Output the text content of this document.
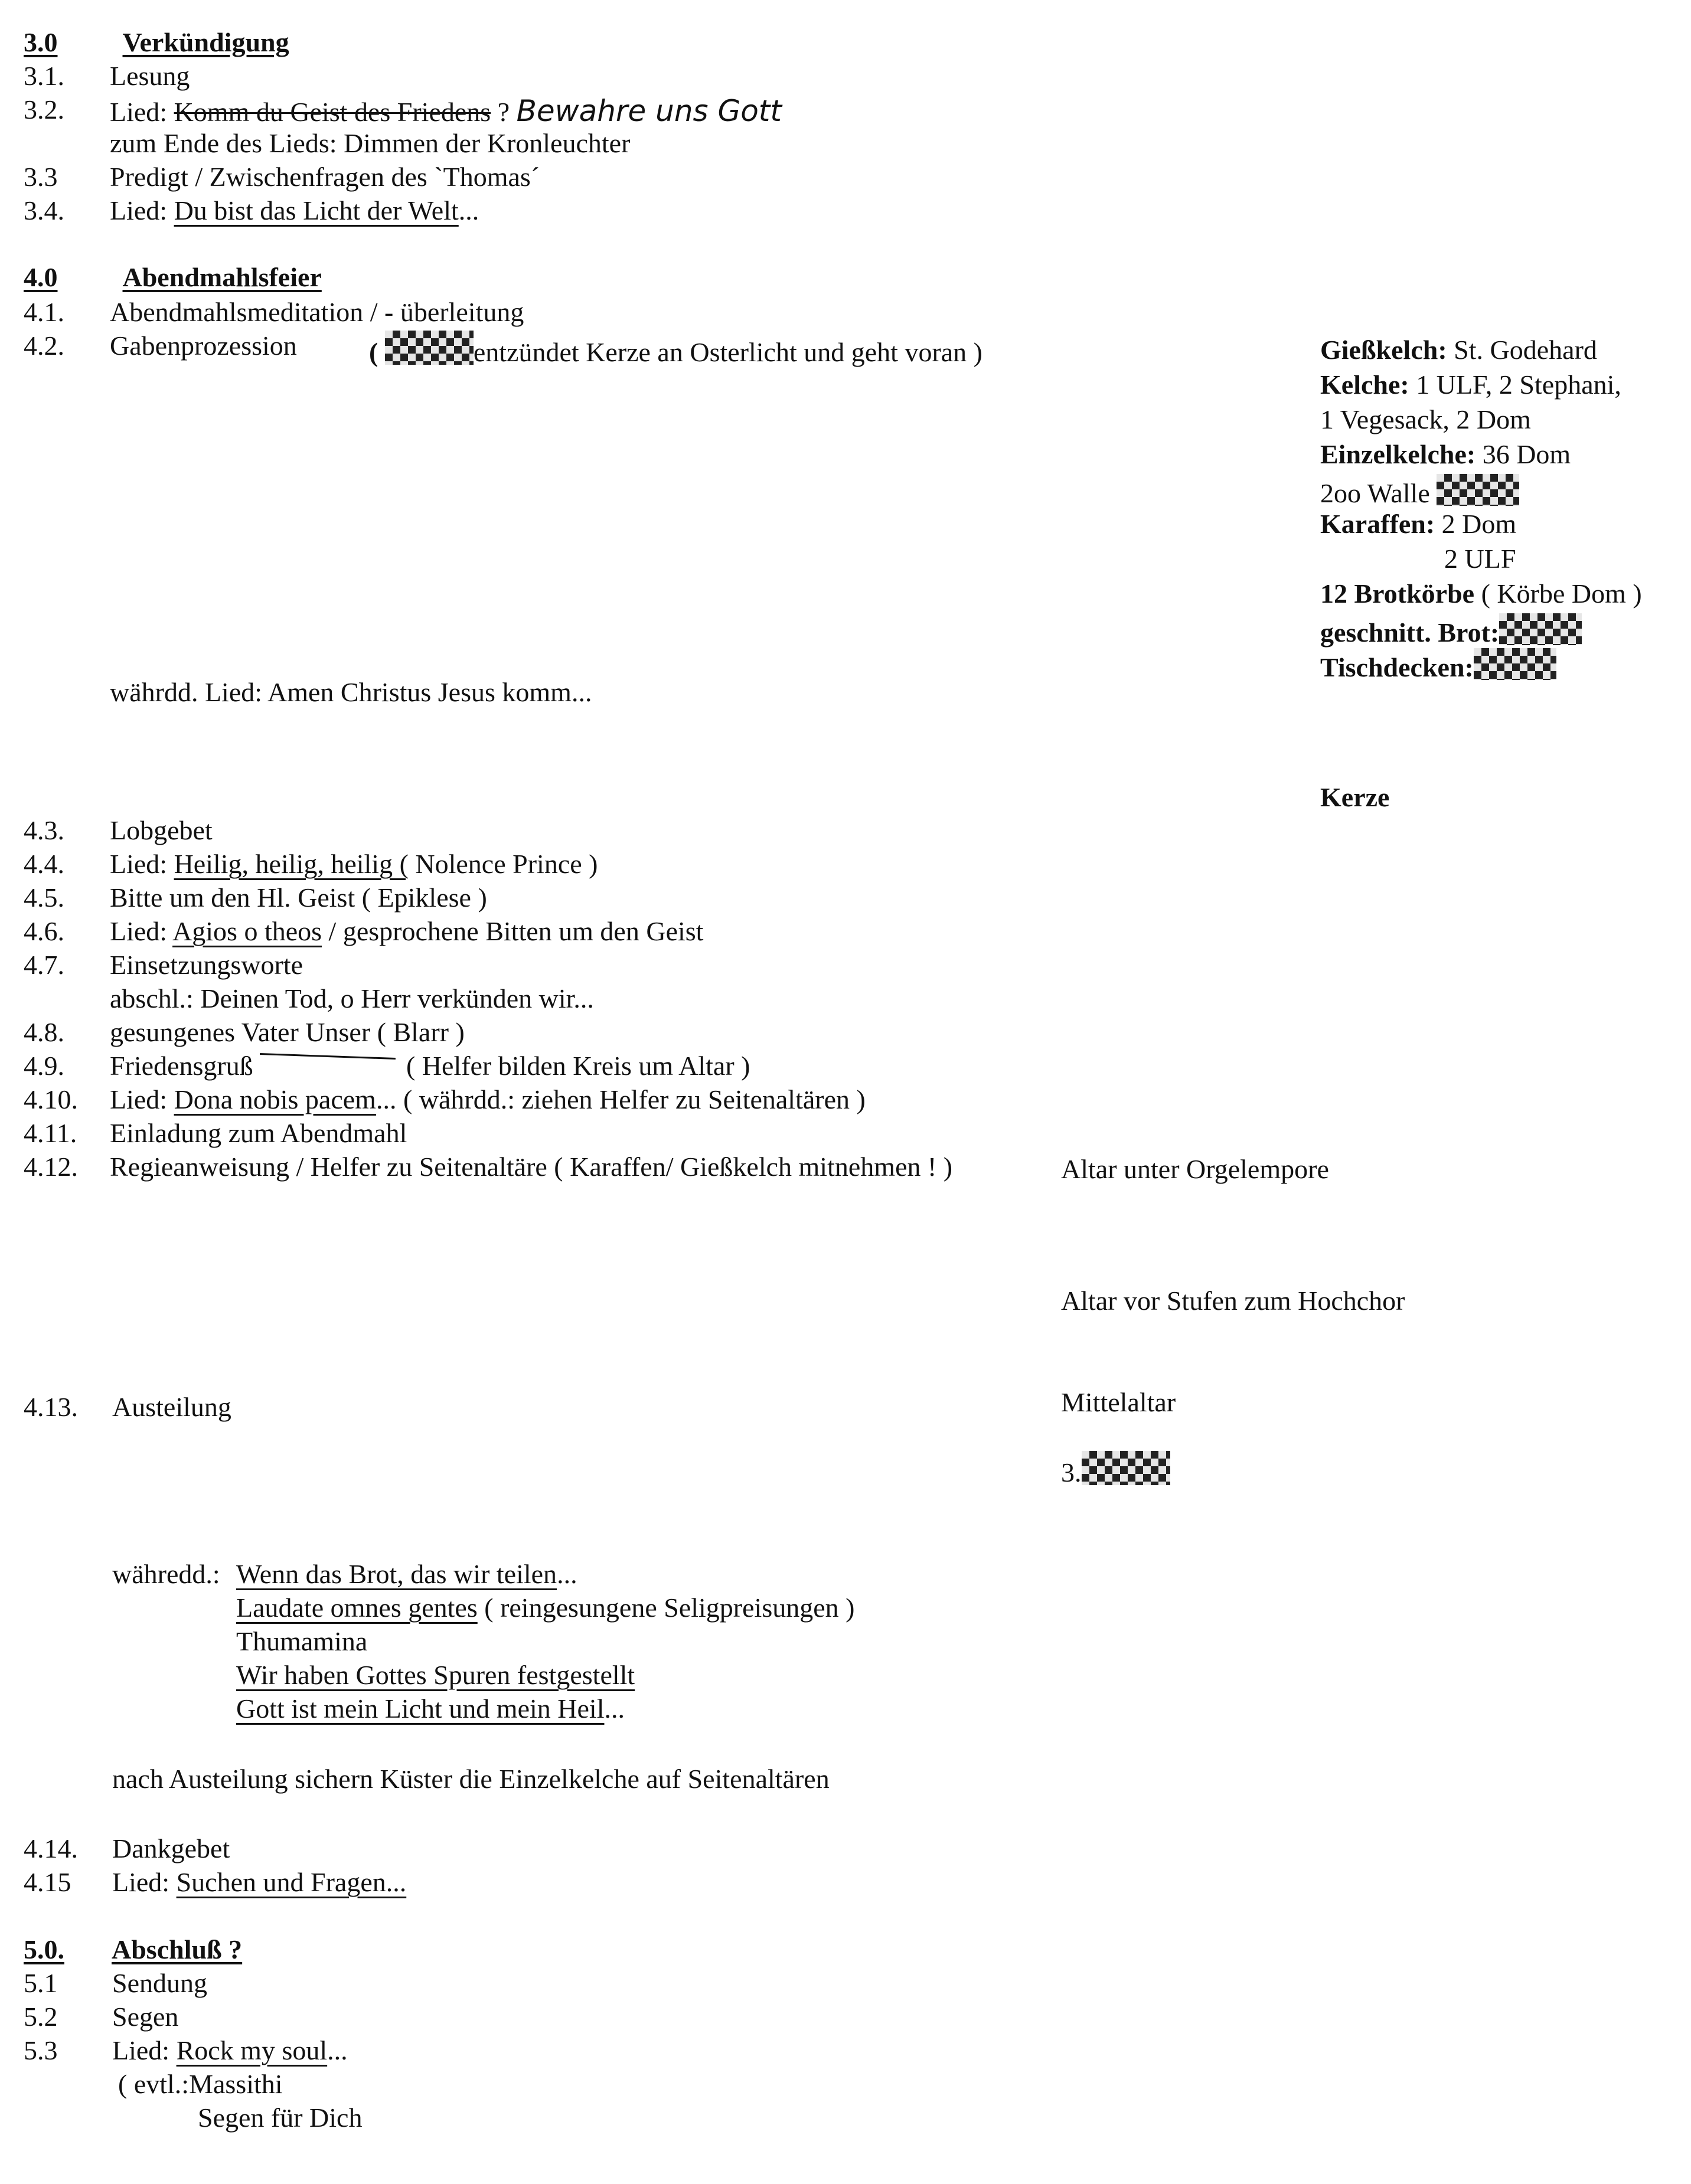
3.0 Verkündigung
3.1. Lesung
3.2. Lied: Komm du Geist des Friedens ? Bewahre uns Gott
zum Ende des Lieds: Dimmen der Kronleuchter
3.3 Predigt / Zwischenfragen des `Thomas´
3.4. Lied: Du bist das Licht der Welt...
4.0 Abendmahlsfeier
4.1. Abendmahlsmeditation / - überleitung
4.2. Gabenprozession	(	entzündet Kerze an Osterlicht und geht voran )
währdd. Lied: Amen Christus Jesus komm...
4.3. Lobgebet
4.4. Lied: Heilig, heilig, heilig ( Nolence Prince )
4.5. Bitte um den Hl. Geist ( Epiklese )
4.6. Lied: Agios o theos / gesprochene Bitten um den Geist
4.7. Einsetzungsworte
abschl.: Deinen Tod, o Herr verkünden wir...
4.8. gesungenes Vater Unser ( Blarr )
4.9. Friedensgruß	( Helfer bilden Kreis um Altar )
4.10. Lied: Dona nobis pacem... ( währdd.: ziehen Helfer zu Seitenaltären )
4.11. Einladung zum Abendmahl
4.12. Regieanweisung / Helfer zu Seitenaltäre ( Karaffen/ Gießkelch mitnehmen ! )
4.13. Austeilung
währedd.: Wenn das Brot, das wir teilen...
Laudate omnes gentes ( reingesungene Seligpreisungen )
Thumamina
Wir haben Gottes Spuren festgestellt
Gott ist mein Licht und mein Heil...
nach Austeilung sichern Küster die Einzelkelche auf Seitenaltären
4.14. Dankgebet
4.15 Lied: Suchen und Fragen...
5.0. Abschluß ?
5.1 Sendung
5.2 Segen
5.3 Lied: Rock my soul...
( evtl.:Massithi
Segen für Dich
Gießkelch: St. Godehard
Kelche: 1 ULF, 2 Stephani,
1 Vegesack, 2 Dom
Einzelkelche: 36 Dom
2oo Walle
Karaffen: 2 Dom
2 ULF
12 Brotkörbe ( Körbe Dom )
geschnitt. Brot:
Tischdecken:
Kerze
Altar unter Orgelempore
Altar vor Stufen zum Hochchor
Mittelaltar
3.
